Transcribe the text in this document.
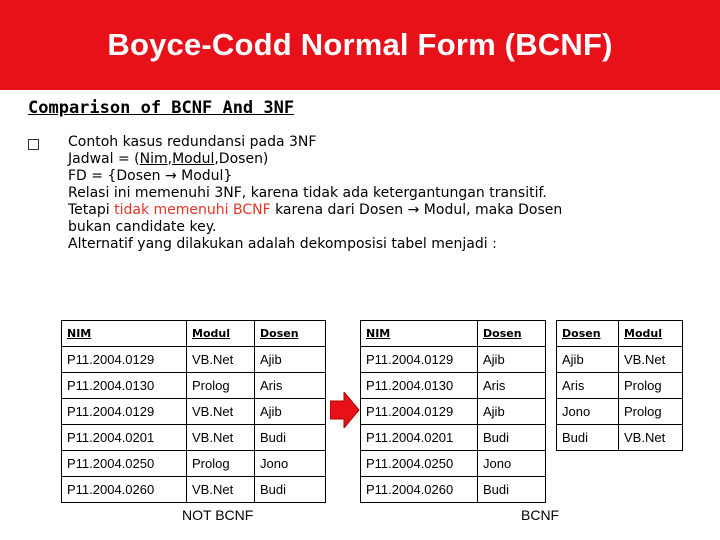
Boyce-Codd Normal Form (BCNF)
Comparison of BCNF And 3NF
Contoh kasus redundansi pada 3NF
Jadwal = (Nim,Modul,Dosen)
FD = {Dosen → Modul}
Relasi ini memenuhi 3NF, karena tidak ada ketergantungan transitif.
Tetapi tidak memenuhi BCNF karena dari Dosen → Modul, maka Dosen
bukan candidate key.
Alternatif yang dilakukan adalah dekomposisi tabel menjadi :
NIM	Modul	Dosen
P11.2004.0129	VB.Net	Ajib
P11.2004.0130	Prolog	Aris
P11.2004.0129	VB.Net	Ajib
P11.2004.0201	VB.Net	Budi
P11.2004.0250	Prolog	Jono
P11.2004.0260	VB.Net	Budi
NIM	Dosen
P11.2004.0129	Ajib
P11.2004.0130	Aris
P11.2004.0129	Ajib
P11.2004.0201	Budi
P11.2004.0250	Jono
P11.2004.0260	Budi
Dosen	Modul
Ajib	VB.Net
Aris	Prolog
Jono	Prolog
Budi	VB.Net
NOT BCNF	BCNF
